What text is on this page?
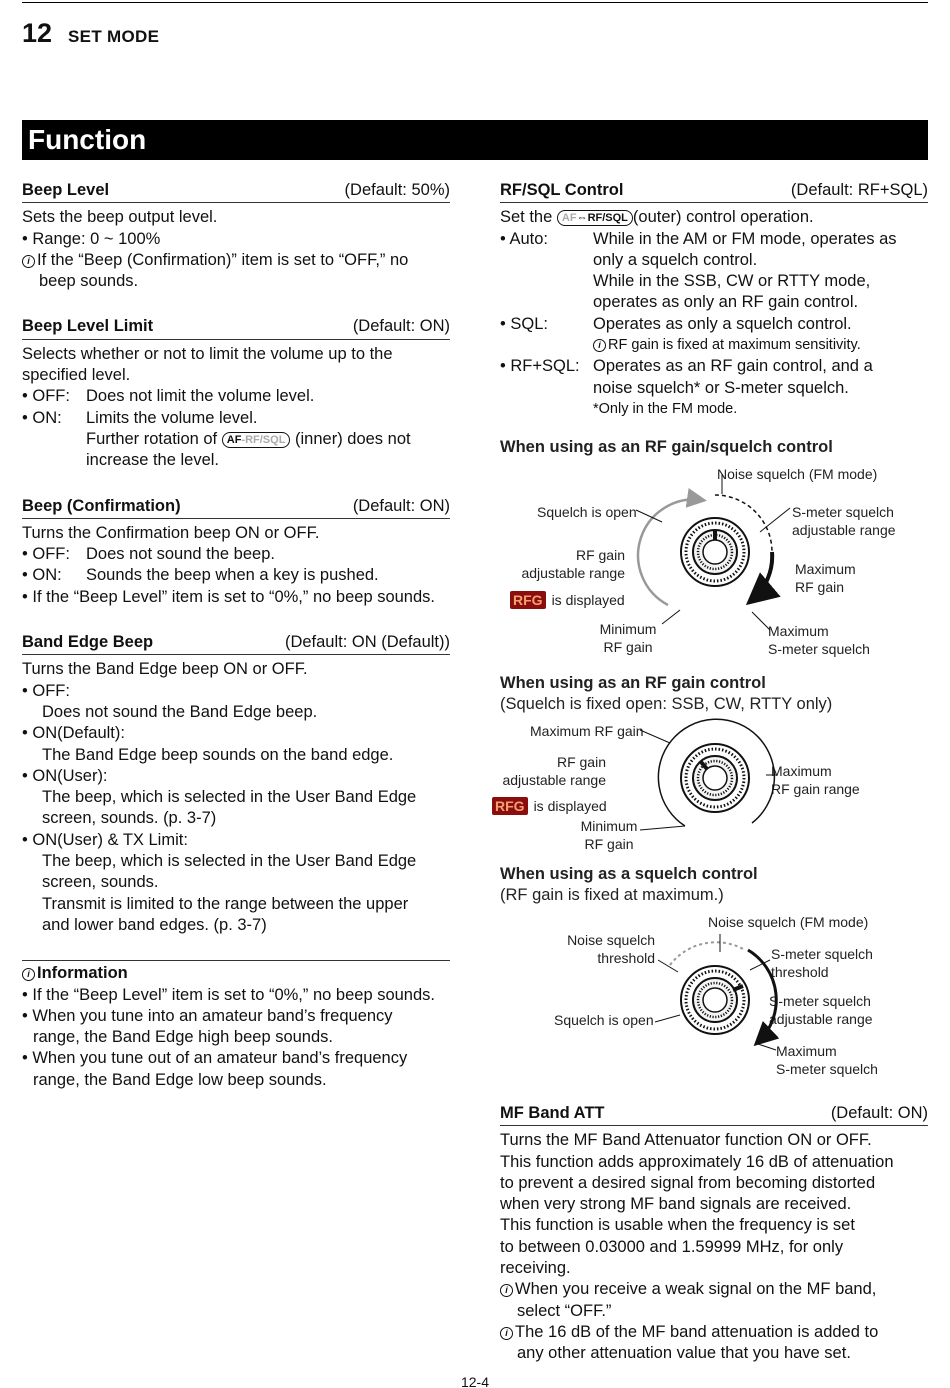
12 SET MODE
Function
Beep Level	(Default: 50%)
Sets the beep output level.
• Range: 0 ~ 100%
i If the “Beep (Confirmation)” item is set to “OFF,” no
beep sounds.
Beep Level Limit	(Default: ON)
Selects whether or not to limit the volume up to the
specified level.
• OFF: Does not limit the volume level.
• ON:	Limits the volume level.
Further rotation of AF-RF/SQL (inner) does not
increase the level.
Beep (Confirmation)	(Default: ON)
Turns the Confirmation beep ON or OFF.
• OFF: Does not sound the beep.
• ON:	Sounds the beep when a key is pushed.
• If the “Beep Level” item is set to “0%,” no beep sounds.
Band Edge Beep	(Default: ON (Default))
Turns the Band Edge beep ON or OFF.
• OFF:
Does not sound the Band Edge beep.
• ON(Default):
The Band Edge beep sounds on the band edge.
• ON(User):
The beep, which is selected in the User Band Edge
screen, sounds. (p. 3-7)
• ON(User) & TX Limit:
The beep, which is selected in the User Band Edge
screen, sounds.
Transmit is limited to the range between the upper
and lower band edges. (p. 3-7)
i Information
• If the “Beep Level” item is set to “0%,” no beep sounds.
• When you tune into an amateur band’s frequency
range, the Band Edge high beep sounds.
• When you tune out of an amateur band’s frequency
range, the Band Edge low beep sounds.
RF/SQL Control	(Default: RF+SQL)
Set the AF⇔RF/SQL (outer) control operation.
• Auto:	While in the AM or FM mode, operates as
only a squelch control.
While in the SSB, CW or RTTY mode,
operates as only an RF gain control.
• SQL:	Operates as only a squelch control.
i RF gain is fixed at maximum sensitivity.
• RF+SQL: Operates as an RF gain control, and a
noise squelch* or S-meter squelch.
*Only in the FM mode.
When using as an RF gain/squelch control
Noise squelch (FM mode)
Squelch is open
RF gain
adjustable range
RFG is displayed
Minimum
RF gain
S-meter squelch
adjustable range
Maximum
RF gain
Maximum
S-meter squelch
When using as an RF gain control
(Squelch is fixed open: SSB, CW, RTTY only)
Maximum RF gain
RF gain
adjustable range
RFG is displayed
Minimum
RF gain
Maximum
RF gain range
When using as a squelch control
(RF gain is fixed at maximum.)
Noise squelch (FM mode)
Noise squelch
threshold	S-meter squelch
threshold
S-meter squelch
adjustable range
Squelch is open
Maximum
S-meter squelch
MF Band ATT	(Default: ON)
Turns the MF Band Attenuator function ON or OFF.
This function adds approximately 16 dB of attenuation
to prevent a desired signal from becoming distorted
when very strong MF band signals are received.
This function is usable when the frequency is set
to between 0.03000 and 1.59999 MHz, for only
receiving.
i When you receive a weak signal on the MF band,
select “OFF.”
i The 16 dB of the MF band attenuation is added to
any other attenuation value that you have set.
12-4
